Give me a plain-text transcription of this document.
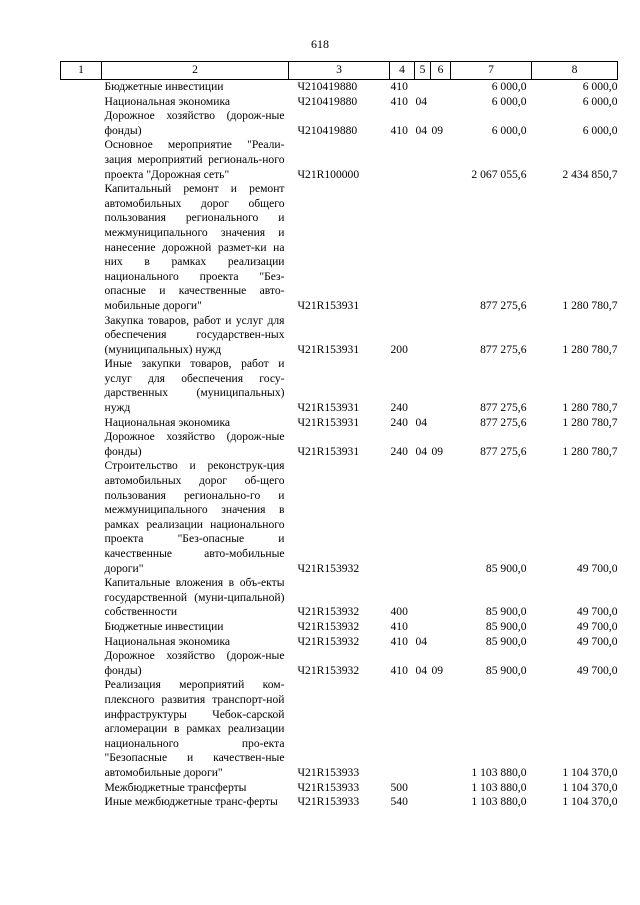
618
1	2	3	4	5	6	7	8
	Бюджетные инвестиции	Ч210419880	410			6 000,0	6 000,0
	Национальная экономика	Ч210419880	410	04		6 000,0	6 000,0
	Дорожное хозяйство (дорож-ные фонды)	Ч210419880	410	04	09	6 000,0	6 000,0
	Основное мероприятие "Реали-зация мероприятий региональ-ного проекта "Дорожная сеть"	Ч21R100000				2 067 055,6	2 434 850,7
	Капитальный ремонт и ремонт автомобильных дорог общего пользования регионального и межмуниципального значения и нанесение дорожной размет-ки на них в рамках реализации национального проекта "Без-опасные и качественные авто-мобильные дороги"	Ч21R153931				877 275,6	1 280 780,7
	Закупка товаров, работ и услуг для обеспечения государствен-ных (муниципальных) нужд	Ч21R153931	200			877 275,6	1 280 780,7
	Иные закупки товаров, работ и услуг для обеспечения госу-дарственных (муниципальных) нужд	Ч21R153931	240			877 275,6	1 280 780,7
	Национальная экономика	Ч21R153931	240	04		877 275,6	1 280 780,7
	Дорожное хозяйство (дорож-ные фонды)	Ч21R153931	240	04	09	877 275,6	1 280 780,7
	Строительство и реконструк-ция автомобильных дорог об-щего пользования регионально-го и межмуниципального значения в рамках реализации национального проекта "Без-опасные и качественные авто-мобильные дороги"	Ч21R153932				85 900,0	49 700,0
	Капитальные вложения в объ-екты государственной (муни-ципальной) собственности	Ч21R153932	400			85 900,0	49 700,0
	Бюджетные инвестиции	Ч21R153932	410			85 900,0	49 700,0
	Национальная экономика	Ч21R153932	410	04		85 900,0	49 700,0
	Дорожное хозяйство (дорож-ные фонды)	Ч21R153932	410	04	09	85 900,0	49 700,0
	Реализация мероприятий ком-плексного развития транспорт-ной инфраструктуры Чебок-сарской агломерации в рамках реализации национального про-екта "Безопасные и качествен-ные автомобильные дороги"	Ч21R153933				1 103 880,0	1 104 370,0
	Межбюджетные трансферты	Ч21R153933	500			1 103 880,0	1 104 370,0
	Иные межбюджетные транс-ферты	Ч21R153933	540			1 103 880,0	1 104 370,0
